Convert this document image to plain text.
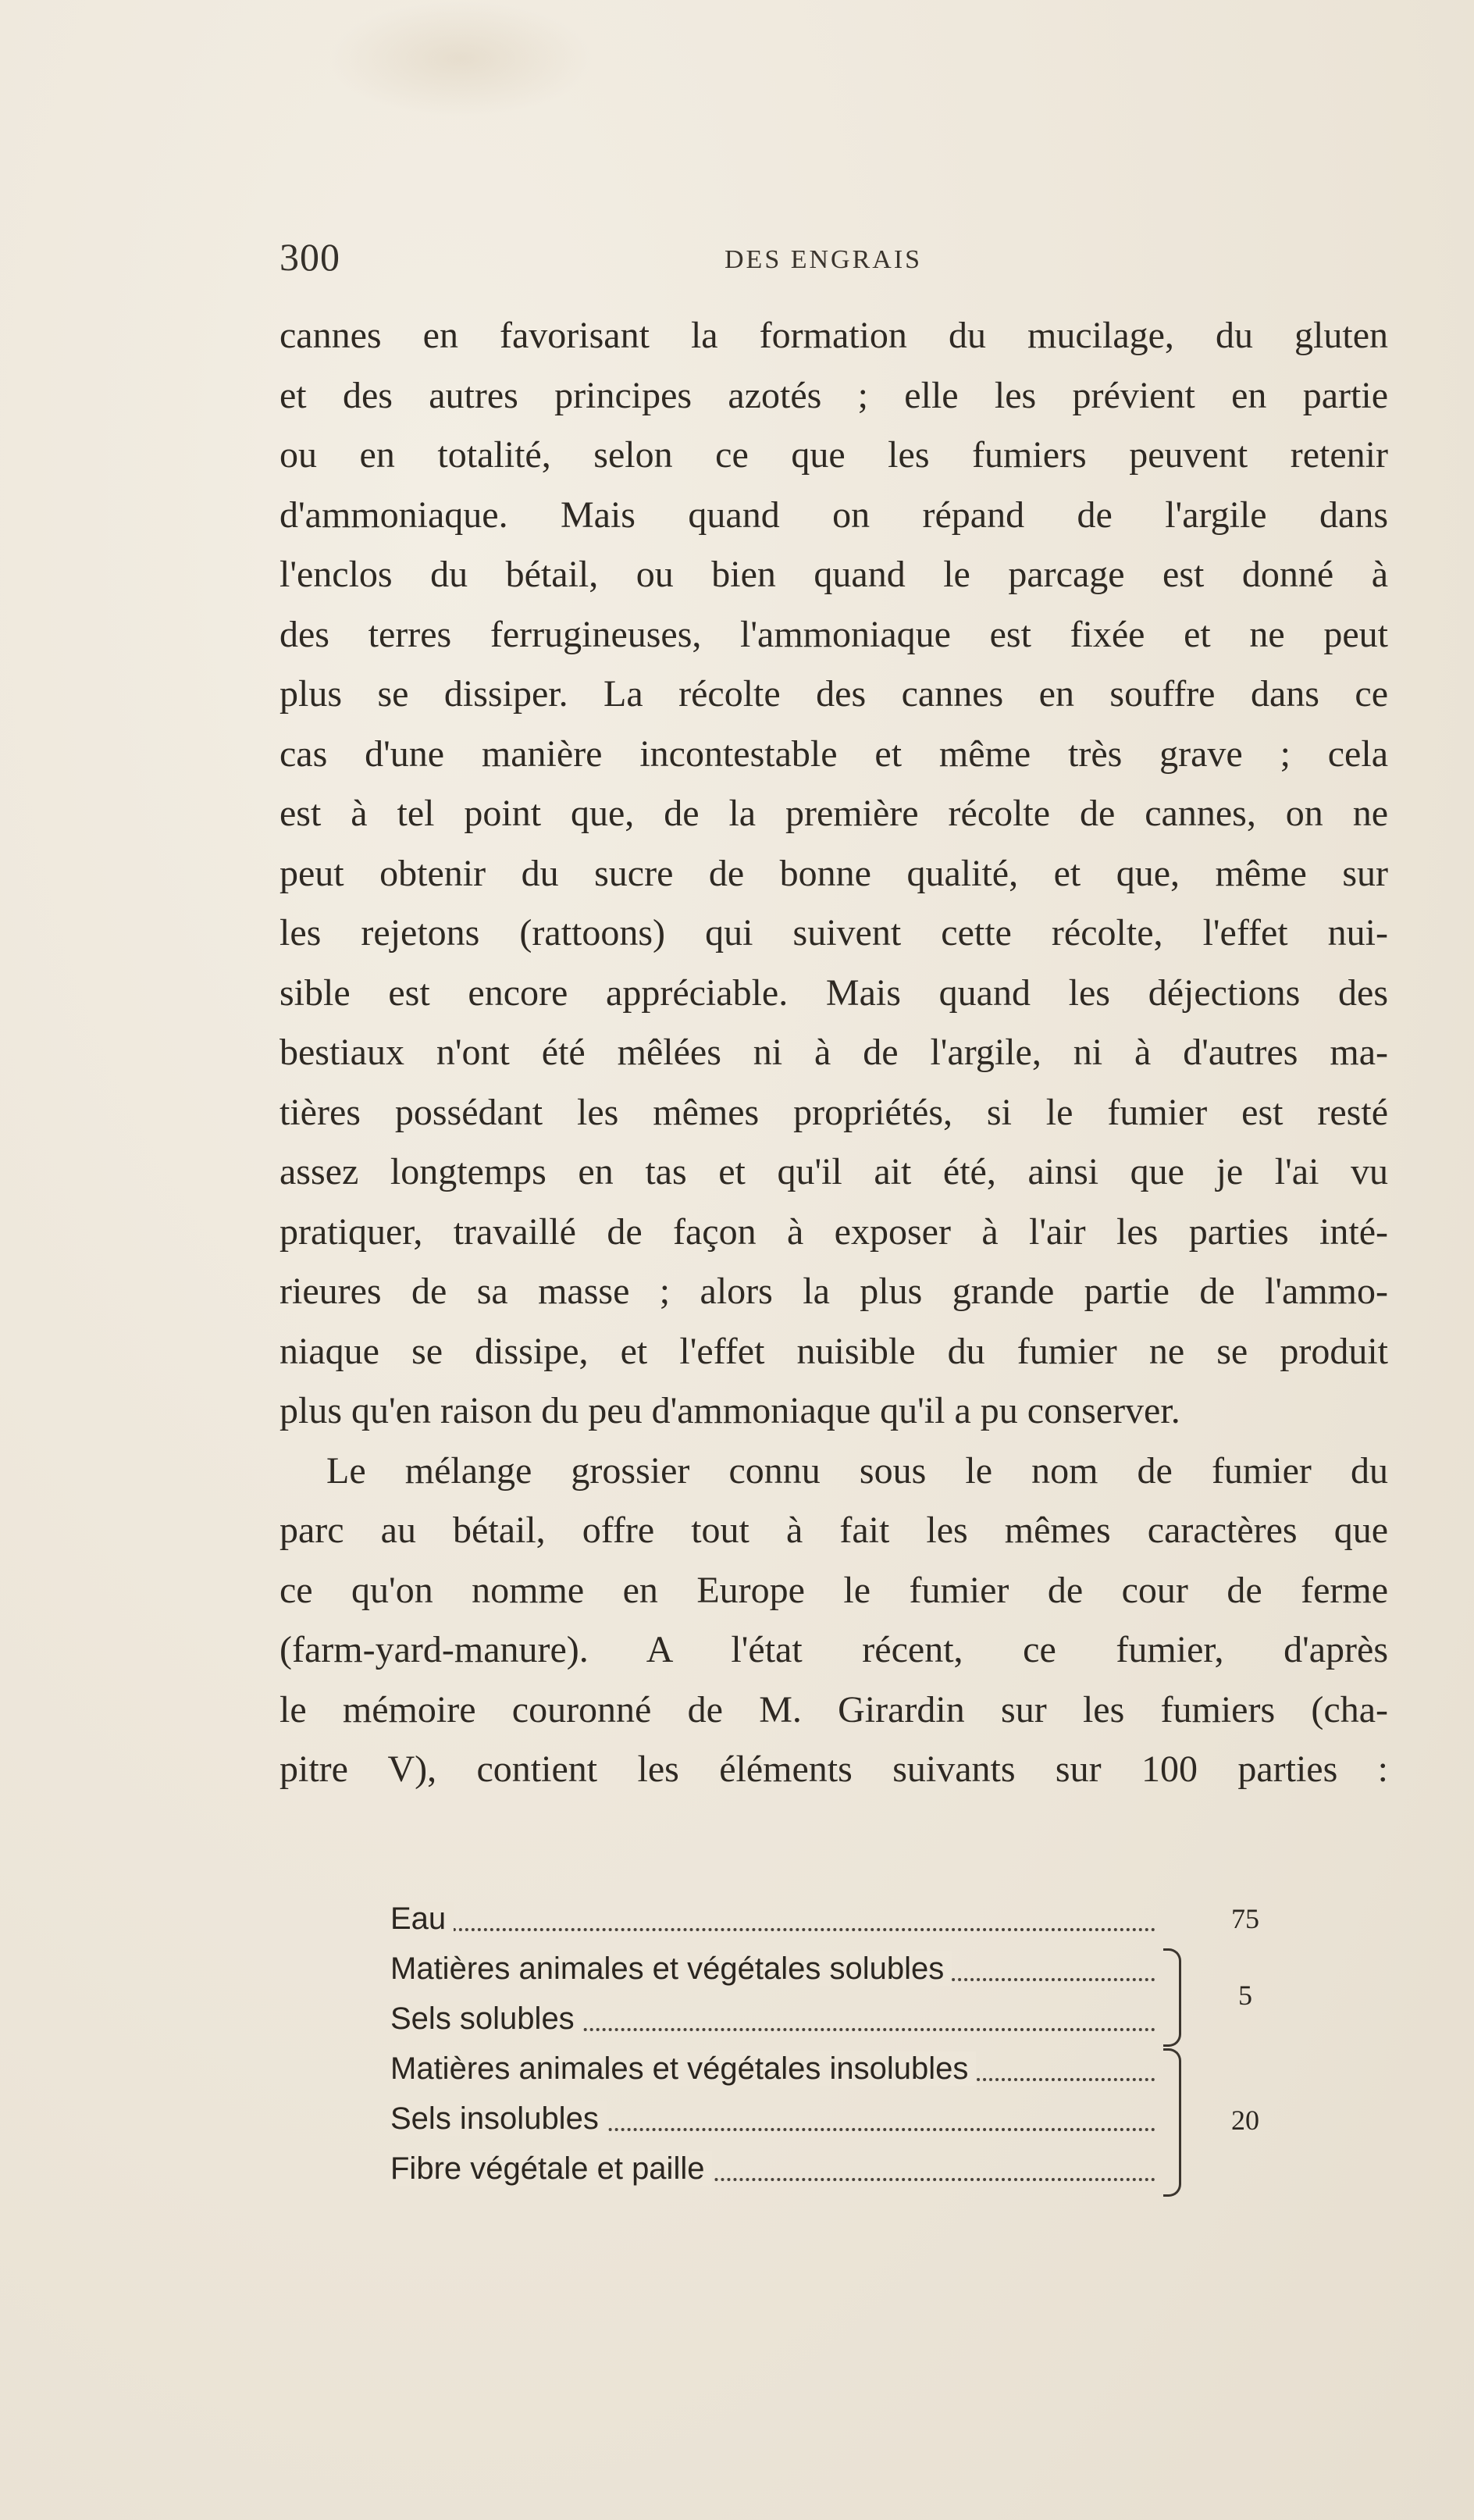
300	DES ENGRAIS
cannes en favorisant la formation du mucilage, du gluten
et des autres principes azotés ; elle les prévient en partie
ou en totalité, selon ce que les fumiers peuvent retenir
d'ammoniaque. Mais quand on répand de l'argile dans
l'enclos du bétail, ou bien quand le parcage est donné à
des terres ferrugineuses, l'ammoniaque est fixée et ne peut
plus se dissiper. La récolte des cannes en souffre dans ce
cas d'une manière incontestable et même très grave ; cela
est à tel point que, de la première récolte de cannes, on ne
peut obtenir du sucre de bonne qualité, et que, même sur
les rejetons (rattoons) qui suivent cette récolte, l'effet nui-
sible est encore appréciable. Mais quand les déjections des
bestiaux n'ont été mêlées ni à de l'argile, ni à d'autres ma-
tières possédant les mêmes propriétés, si le fumier est resté
assez longtemps en tas et qu'il ait été, ainsi que je l'ai vu
pratiquer, travaillé de façon à exposer à l'air les parties inté-
rieures de sa masse ; alors la plus grande partie de l'ammo-
niaque se dissipe, et l'effet nuisible du fumier ne se produit
plus qu'en raison du peu d'ammoniaque qu'il a pu conserver.
Le mélange grossier connu sous le nom de fumier du
parc au bétail, offre tout à fait les mêmes caractères que
ce qu'on nomme en Europe le fumier de cour de ferme
(farm-yard-manure). A l'état récent, ce fumier, d'après
le mémoire couronné de M. Girardin sur les fumiers (cha-
pitre V), contient les éléments suivants sur 100 parties :
Eau	75
Matières animales et végétales solubles
Sels solubles
Matières animales et végétales insolubles
Sels insolubles
Fibre végétale et paille
5
20
